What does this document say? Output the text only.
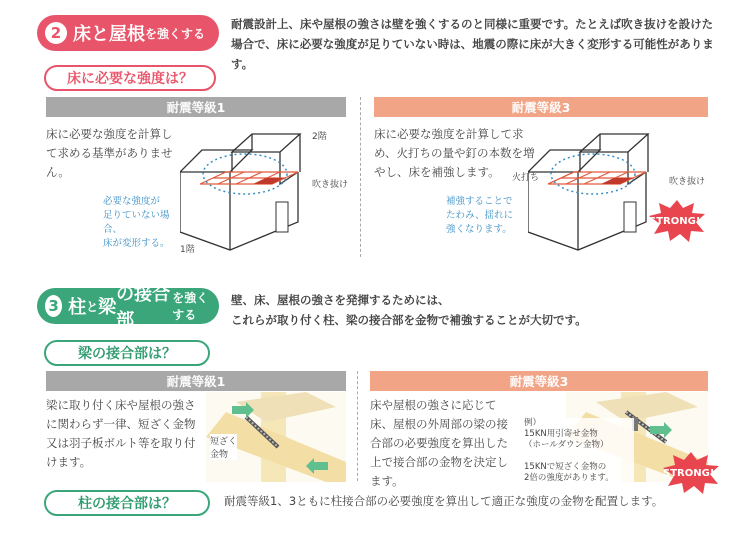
2 床と屋根 を強くする
耐震設計上、床や屋根の強さは壁を強くするのと同様に重要です。たとえば吹き抜けを設けた場合で、床に必要な強度が足りていない時は、地震の際に床が大きく変形する可能性があります。
床に必要な強度は？
耐震等級1	耐震等級3
床に必要な強度を計算して求める基準がありません。
床に必要な強度を計算して求め、火打ちの量や釘の本数を増やし、床を補強します。
2階
吹き抜け
1階
必要な強度が
足りていない場合、
床が変形する。
火打ち	吹き抜け
補強することで
たわみ、揺れに
強くなります。
STRONG!!
3 柱 と 梁
の接合部
を強くする
壁、床、屋根の強さを発揮するためには、
これらが取り付く柱、梁の接合部を金物で補強することが大切です。
梁の接合部は？
耐震等級1	耐震等級3
梁に取り付く床や屋根の強さに関わらず一律、短ざく金物又は羽子板ボルト等を取り付けます。
床や屋根の強さに応じて床、屋根の外周部の梁の接合部の必要強度を算出した上で接合部の金物を決定します。
短ざく
金物
例）
15KN用引寄せ金物
（ホールダウン金物）

15KNで短ざく金物の
2倍の強度があります。	STRONG!!
柱の接合部は？	耐震等級1、3ともに柱接合部の必要強度を算出して適正な強度の金物を配置します。
